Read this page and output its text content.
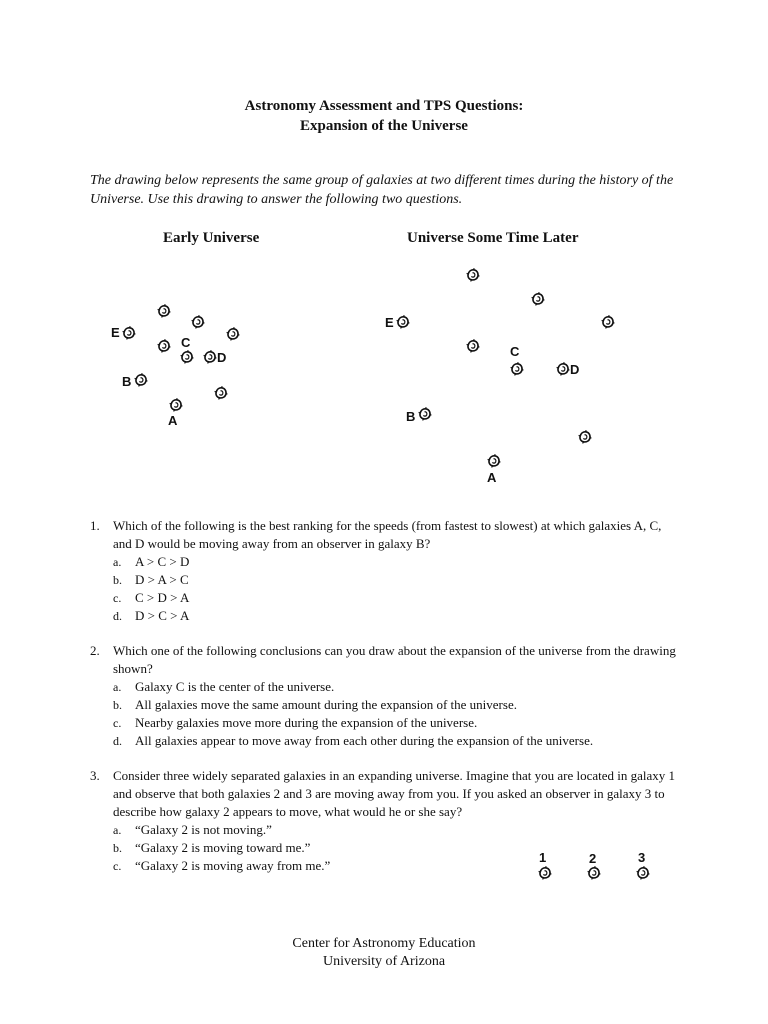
Astronomy Assessment and TPS Questions:
Expansion of the Universe
The drawing below represents the same group of galaxies at two different times during the history of the Universe. Use this drawing to answer the following two questions.
Early Universe	Universe Some Time Later
E
C
D
B
A
E
C
D
B
A
1.	Which of the following is the best ranking for the speeds (from fastest to slowest) at which galaxies A, C, and D would be moving away from an observer in galaxy B?
a.	A > C > D
b.	D > A > C
c.	C > D > A
d.	D > C > A
2.	Which one of the following conclusions can you draw about the expansion of the universe from the drawing shown?
a.	Galaxy C is the center of the universe.
b.	All galaxies move the same amount during the expansion of the universe.
c.	Nearby galaxies move more during the expansion of the universe.
d.	All galaxies appear to move away from each other during the expansion of the universe.
3.	Consider three widely separated galaxies in an expanding universe. Imagine that you are located in galaxy 1 and observe that both galaxies 2 and 3 are moving away from you. If you asked an observer in galaxy 3 to describe how galaxy 2 appears to move, what would he or she say?
a.	“Galaxy 2 is not moving.”
b.	“Galaxy 2 is moving toward me.”
c.	“Galaxy 2 is moving away from me.”
1	2	3
Center for Astronomy Education
University of Arizona
